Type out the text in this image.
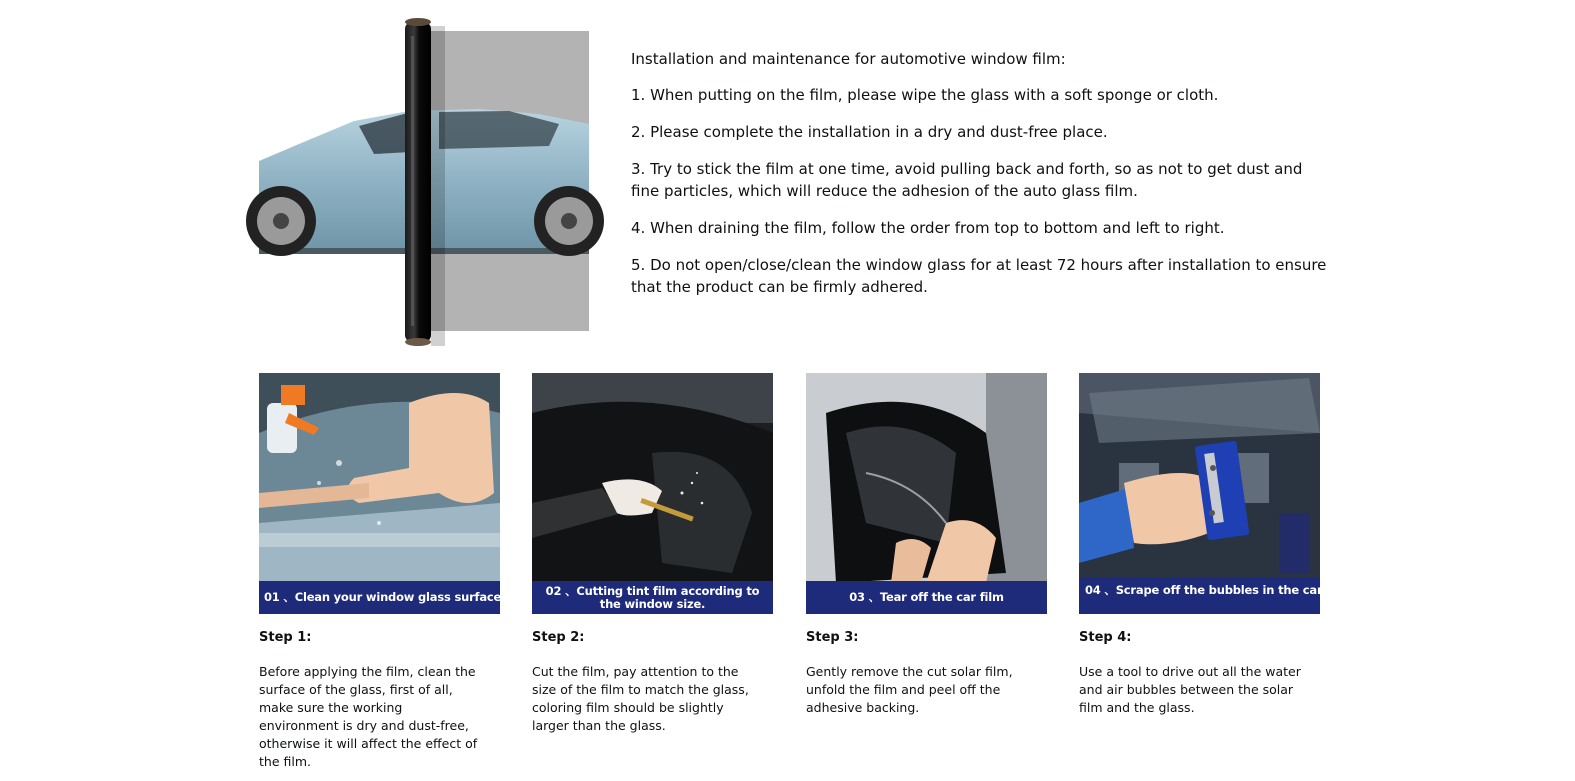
Installation and maintenance for automotive window film:

1. When putting on the film, please wipe the glass with a soft sponge or cloth.

2. Please complete the installation in a dry and dust-free place.

3. Try to stick the film at one time, avoid pulling back and forth, so as not to get dust and fine particles, which will reduce the adhesion of the auto glass film.

4. When draining the film, follow the order from top to bottom and left to right.

5. Do not open/close/clean the window glass for at least 72 hours after installation to ensure that the product can be firmly adhered.

01 、Clean your window glass surface.
Step 1:
Before applying the film, clean the surface of the glass, first of all, make sure the working environment is dry and dust-free, otherwise it will affect the effect of the film.
02 、Cutting tint film according to the window size.
Step 2:
Cut the film, pay attention to the size of the film to match the glass, coloring film should be slightly larger than the glass.
03 、Tear off the car film
Step 3:
Gently remove the cut solar film, unfold the film and peel off the adhesive backing.
04 、Scrape off the bubbles in the car film
Step 4:
Use a tool to drive out all the water and air bubbles between the solar film and the glass.
